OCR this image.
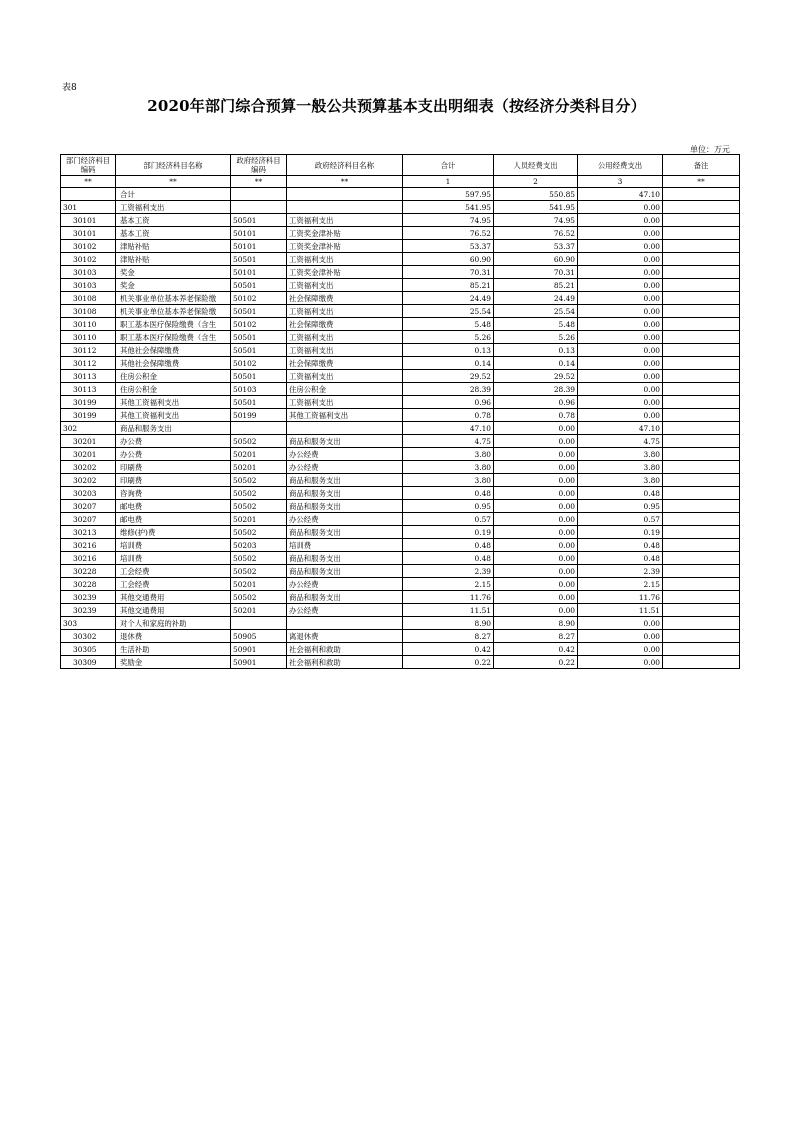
表8
2020年部门综合预算一般公共预算基本支出明细表（按经济分类科目分）
单位：万元
部门经济科目编码	部门经济科目名称	政府经济科目编码	政府经济科目名称	合计	人员经费支出	公用经费支出	备注
**	**	**	**	1	2	3	**
	合计			597.95	550.85	47.10	
301	工资福利支出			541.95	541.95	0.00	
30101	基本工资	50501	工资福利支出	74.95	74.95	0.00	
30101	基本工资	50101	工资奖金津补贴	76.52	76.52	0.00	
30102	津贴补贴	50101	工资奖金津补贴	53.37	53.37	0.00	
30102	津贴补贴	50501	工资福利支出	60.90	60.90	0.00	
30103	奖金	50101	工资奖金津补贴	70.31	70.31	0.00	
30103	奖金	50501	工资福利支出	85.21	85.21	0.00	
30108	机关事业单位基本养老保险缴	50102	社会保障缴费	24.49	24.49	0.00	
30108	机关事业单位基本养老保险缴	50501	工资福利支出	25.54	25.54	0.00	
30110	职工基本医疗保险缴费（含生	50102	社会保障缴费	5.48	5.48	0.00	
30110	职工基本医疗保险缴费（含生	50501	工资福利支出	5.26	5.26	0.00	
30112	其他社会保障缴费	50501	工资福利支出	0.13	0.13	0.00	
30112	其他社会保障缴费	50102	社会保障缴费	0.14	0.14	0.00	
30113	住房公积金	50501	工资福利支出	29.52	29.52	0.00	
30113	住房公积金	50103	住房公积金	28.39	28.39	0.00	
30199	其他工资福利支出	50501	工资福利支出	0.96	0.96	0.00	
30199	其他工资福利支出	50199	其他工资福利支出	0.78	0.78	0.00	
302	商品和服务支出			47.10	0.00	47.10	
30201	办公费	50502	商品和服务支出	4.75	0.00	4.75	
30201	办公费	50201	办公经费	3.80	0.00	3.80	
30202	印刷费	50201	办公经费	3.80	0.00	3.80	
30202	印刷费	50502	商品和服务支出	3.80	0.00	3.80	
30203	咨询费	50502	商品和服务支出	0.48	0.00	0.48	
30207	邮电费	50502	商品和服务支出	0.95	0.00	0.95	
30207	邮电费	50201	办公经费	0.57	0.00	0.57	
30213	维修(护)费	50502	商品和服务支出	0.19	0.00	0.19	
30216	培训费	50203	培训费	0.48	0.00	0.48	
30216	培训费	50502	商品和服务支出	0.48	0.00	0.48	
30228	工会经费	50502	商品和服务支出	2.39	0.00	2.39	
30228	工会经费	50201	办公经费	2.15	0.00	2.15	
30239	其他交通费用	50502	商品和服务支出	11.76	0.00	11.76	
30239	其他交通费用	50201	办公经费	11.51	0.00	11.51	
303	对个人和家庭的补助			8.90	8.90	0.00	
30302	退休费	50905	离退休费	8.27	8.27	0.00	
30305	生活补助	50901	社会福利和救助	0.42	0.42	0.00	
30309	奖励金	50901	社会福利和救助	0.22	0.22	0.00	
